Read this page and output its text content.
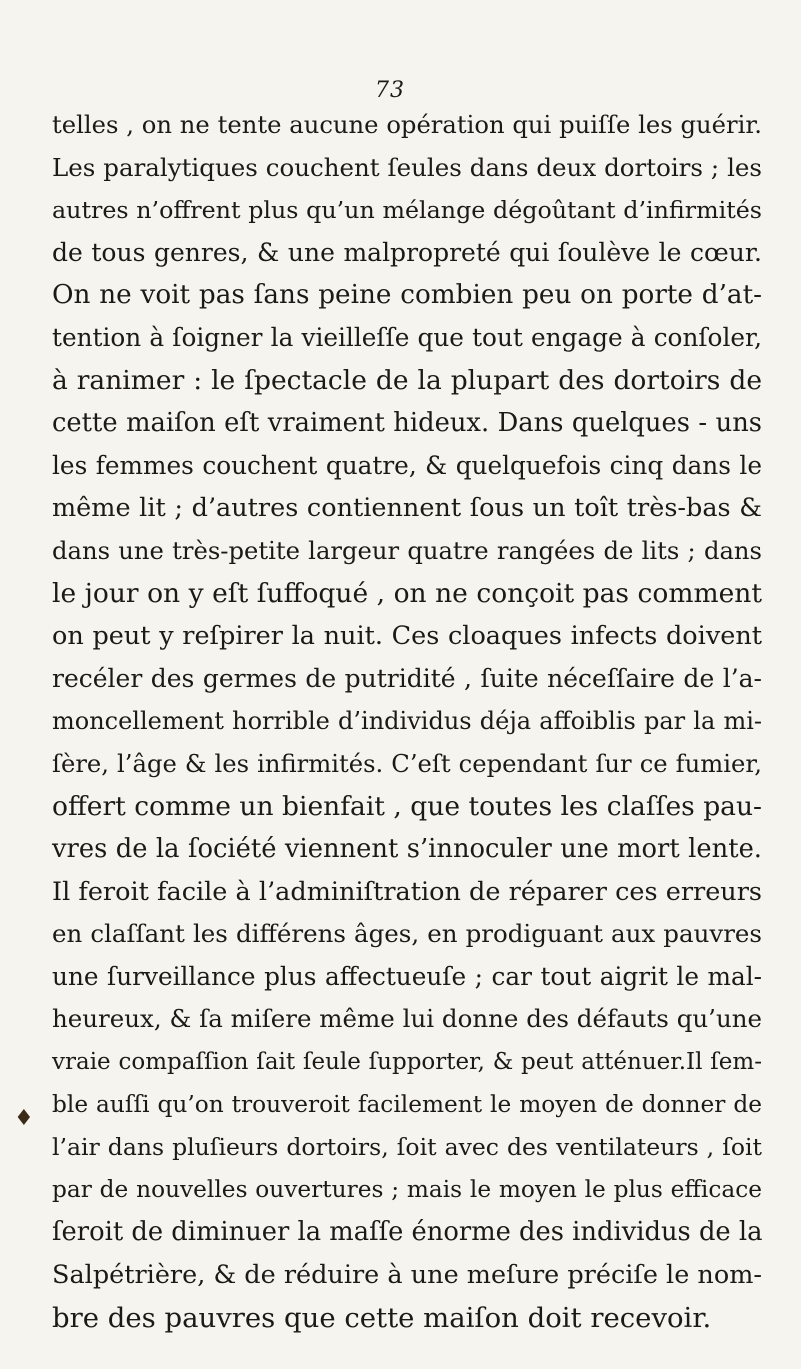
73
♦
telles , on ne tente aucune opération qui puiſſe les guérir.
Les paralytiques couchent ſeules dans deux dortoirs ; les
autres n’offrent plus qu’un mélange dégoûtant d’infirmités
de tous genres, & une malpropreté qui ſoulève le cœur.
On ne voit pas ſans peine combien peu on porte d’at-
tention à ſoigner la vieilleſſe que tout engage à conſoler,
à ranimer : le ſpectacle de la plupart des dortoirs de
cette maiſon eſt vraiment hideux. Dans quelques - uns
les femmes couchent quatre, & quelquefois cinq dans le
même lit ; d’autres contiennent ſous un toît très-bas &
dans une très-petite largeur quatre rangées de lits ; dans
le jour on y eſt ſuffoqué , on ne conçoit pas comment
on peut y reſpirer la nuit. Ces cloaques infects doivent
recéler des germes de putridité , ſuite néceſſaire de l’a-
moncellement horrible d’individus déja affoiblis par la mi-
ſère, l’âge & les infirmités. C’eſt cependant ſur ce fumier,
offert comme un bienfait , que toutes les claſſes pau-
vres de la ſociété viennent s’innoculer une mort lente.
Il feroit facile à l’adminiſtration de réparer ces erreurs
en claſſant les différens âges, en prodiguant aux pauvres
une ſurveillance plus affectueuſe ; car tout aigrit le mal-
heureux, & ſa miſere même lui donne des défauts qu’une
vraie compaſſion ſait ſeule ſupporter, & peut atténuer.Il ſem-
ble auſſi qu’on trouveroit facilement le moyen de donner de
l’air dans pluſieurs dortoirs, ſoit avec des ventilateurs , ſoit
par de nouvelles ouvertures ; mais le moyen le plus efficace
ſeroit de diminuer la maſſe énorme des individus de la
Salpétrière, & de réduire à une meſure préciſe le nom-
bre des pauvres que cette maiſon doit recevoir.
